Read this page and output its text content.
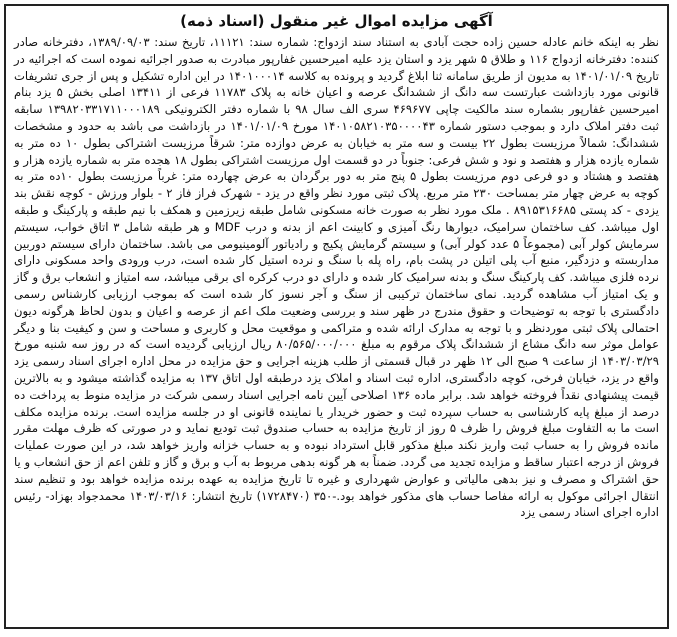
آگهی مزایده اموال غیر منقول (اسناد ذمه)

نظر به اینکه خانم عادله حسین زاده حجت آبادی به استناد سند ازدواج: شماره سند: ۱۱۱۲۱، تاریخ سند: ۱۳۸۹/۰۹/۰۳، دفترخانه صادر کننده: دفترخانه ازدواج ۱۱۶ و طلاق ۵ شهر یزد و استان یزد علیه امیرحسین غفارپور مبادرت به صدور اجرائیه نموده است که اجرائیه در تاریخ ۱۴۰۱/۰۱/۰۹ به مدیون از طریق سامانه ثنا ابلاغ گردید و پرونده به کلاسه ۱۴۰۱۰۰۰۱۴ در این اداره تشکیل و پس از جری تشریفات قانونی مورد بازداشت عبارتست سه دانگ از ششدانگ عرصه و اعیان خانه به پلاک ۱۱۷۸۳ فرعی از ۱۳۴۱۱ اصلی بخش ۵ یزد بنام امیرحسین غفارپور بشماره سند مالکیت چاپی ۴۶۹۶۷۷ سری الف سال ۹۸ با شماره دفتر الکترونیکی ۱۳۹۸۲۰۳۳۱۷۱۱۰۰۰۱۸۹ سابقه ثبت دفتر املاک دارد و بموجب دستور شماره ۱۴۰۱۰۵۸۲۱۰۳۵۰۰۰۰۴۳ مورخ ۱۴۰۱/۰۱/۰۹ در بازداشت می باشد به حدود و مشخصات ششدانگ: شمالاً مرزیست بطول ۲۲ بیست و سه متر به خیابان به عرض دوازده متر: شرقاً مرزیست اشتراکی بطول ۱۰ ده متر به شماره یازده هزار و هفتصد و نود و شش فرعی: جنوباً در دو قسمت اول مرزیست اشتراکی بطول ۱۸ هجده متر به شماره یازده هزار و هفتصد و هشتاد و دو فرعی دوم مرزیست بطول ۵ پنج متر به دور برگردان به عرض چهارده متر: غرباً مرزیست بطول ۱۰ده متر به کوچه به عرض چهار متر بمساحت ۲۳۰ متر مربع. پلاک ثبتی مورد نظر واقع در یزد - شهرک فراز فاز ۲ - بلوار ورزش - کوچه نقش بند یزدی - کد پستی ۸۹۱۵۳۱۶۶۸۵ . ملک مورد نظر به صورت خانه مسکونی شامل طبقه زیرزمین و همکف با نیم طبقه و پارکینگ و طبقه اول میباشد. کف ساختمان سرامیک، دیوارها رنگ آمیزی و کابینت اعم از بدنه و درب MDF و هر طبقه شامل ۳ اتاق خواب، سیستم سرمایش کولر آبی (مجموعاً ۵ عدد کولر آبی) و سیستم گرمایش پکیج و رادیاتور آلومینیومی می باشد. ساختمان دارای سیستم دوربین مداربسته و دزدگیر، منبع آب پلی اتیلن در پشت بام، راه پله با سنگ و نرده استیل کار شده است، درب ورودی واحد مسکونی دارای نرده فلزی میباشد. کف پارکینگ سنگ و بدنه سرامیک کار شده و دارای دو درب کرکره ای برقی میباشد، سه امتیاز و انشعاب برق و گاز و یک امتیاز آب مشاهده گردید. نمای ساختمان ترکیبی از سنگ و آجر نسوز کار شده است که بموجب ارزیابی کارشناس رسمی دادگستری با توجه به توضیحات و حقوق مندرج در ظهر سند و بررسی وضعیت ملک اعم از عرصه و اعیان و بدون لحاظ هرگونه دیون احتمالی پلاک ثبتی موردنظر و با توجه به مدارک ارائه شده و متراکمی و موقعیت محل و کاربری و مساحت و سن و کیفیت بنا و دیگر عوامل موثر سه دانگ مشاع از ششدانگ پلاک مرقوم به مبلغ ۸۰/۵۶۵/۰۰۰/۰۰۰ ریال ارزیابی گردیده است که در روز سه شنبه مورخ ۱۴۰۳/۰۳/۲۹ از ساعت ۹ صبح الی ۱۲ ظهر در قبال قسمتی از طلب هزینه اجرایی و حق مزایده در محل اداره اجرای اسناد رسمی یزد واقع در یزد، خیابان فرخی، کوچه دادگستری، اداره ثبت اسناد و املاک یزد درطبقه اول اتاق ۱۳۷ به مزایده گذاشته میشود و به بالاترین قیمت پیشنهادی نقداً فروخته خواهد شد. برابر ماده ۱۳۶ اصلاحی آیین نامه اجرایی اسناد رسمی شرکت در مزایده منوط به پرداخت ده درصد از مبلغ پایه کارشناسی به حساب سپرده ثبت و حضور خریدار یا نماینده قانونی او در جلسه مزایده است. برنده مزایده مکلف است ما به التفاوت مبلغ فروش را ظرف ۵ روز از تاریخ مزایده به حساب صندوق ثبت تودیع نماید و در صورتی که ظرف مهلت مقرر مانده فروش را به حساب ثبت واریز نکند مبلغ مذکور قابل استرداد نبوده و به حساب خزانه واریز خواهد شد، در این صورت عملیات فروش از درجه اعتبار ساقط و مزایده تجدید می گردد. ضمناً به هر گونه بدهی مربوط به آب و برق و گاز و تلفن اعم از حق انشعاب و یا حق اشتراک و مصرف و نیز بدهی مالیاتی و عوارض شهرداری و غیره تا تاریخ مزایده به عهده برنده مزایده خواهد بود و تنظیم سند انتقال اجرائی موکول به ارائه مفاصا حساب های مذکور خواهد بود.-۳۵۰ (۱۷۲۸۴۷۰) تاریخ انتشار: ۱۴۰۳/۰۳/۱۶ محمدجواد بهزاد- رئیس اداره اجرای اسناد رسمی یزد
